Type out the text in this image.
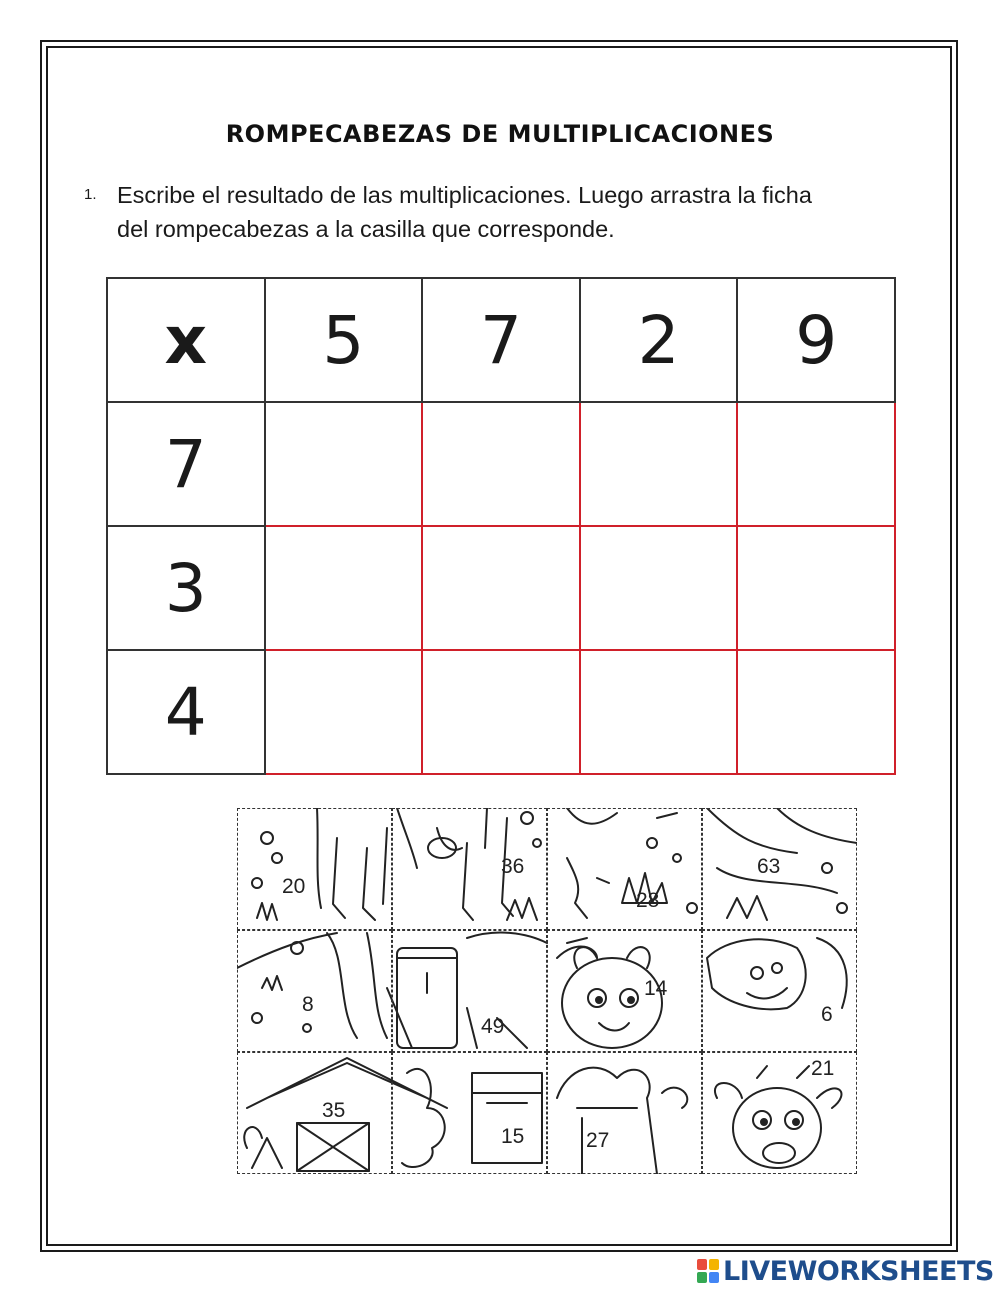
ROMPECABEZAS DE MULTIPLICACIONES
1. Escribe el resultado de las multiplicaciones. Luego arrastra la ficha
del rompecabezas a la casilla que corresponde.
x	5	7	2	9
7				
3				
4				
20
36
28
63
8
49
14
6
35
15	27
21
LIVEWORKSHEETS
